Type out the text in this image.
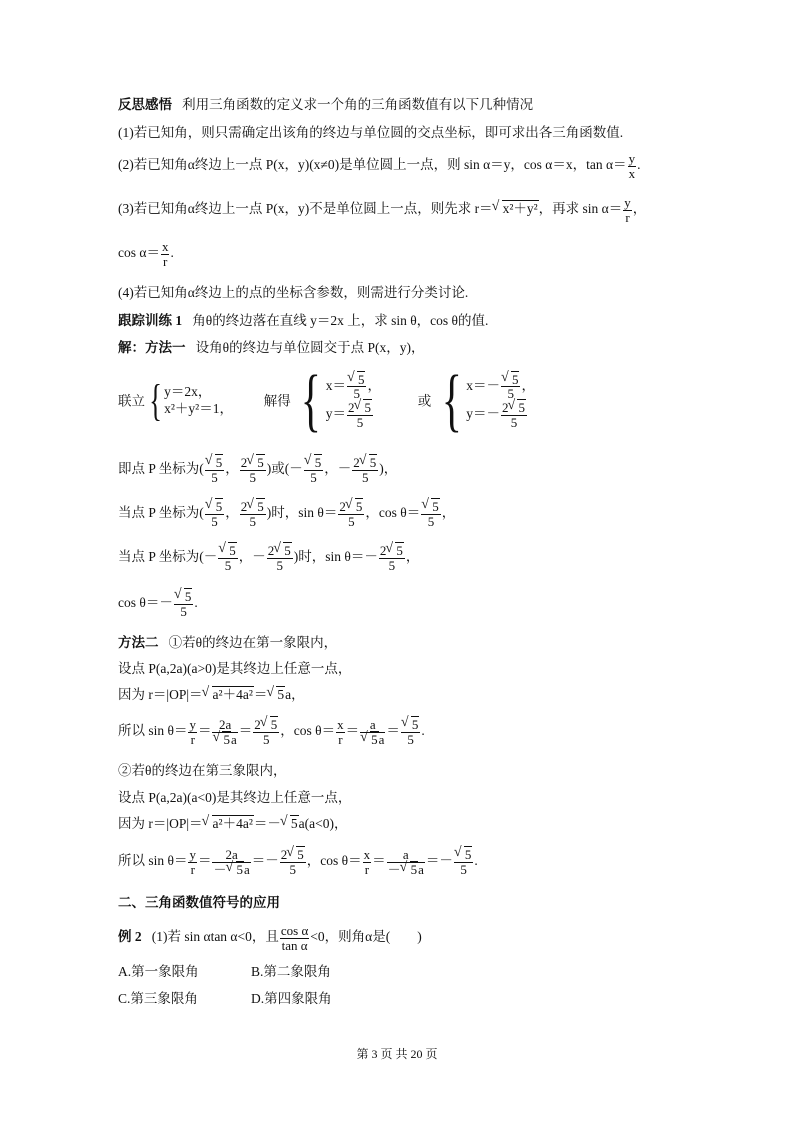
反思感悟 利用三角函数的定义求一个角的三角函数值有以下几种情况
(1)若已知角，则只需确定出该角的终边与单位圆的交点坐标，即可求出各三角函数值.
(2)若已知角α终边上一点 P(x，y)(x≠0)是单位圆上一点，则 sin α＝y，cos α＝x，$\tan \alpha= \frac{y}{x}$ .
(3)若已知角α终边上一点 P(x，y)不是单位圆上一点，则先求 r＝ √ x²＋y²，再求 $\sin \alpha= \frac{y}{r}$ ，
$\cos \alpha= \frac{x}{r}$ .
(4)若已知角α终边上的点的坐标含参数，则需进行分类讨论.
跟踪训练 1 角θ的终边落在直线 y＝2x 上，求 sin θ，cos θ的值.
解：方法一 设角θ的终边与单位圆交于点 P(x，y)，
联立{ y＝2x，
x²＋y²＝1，
解得 { x＝ √ $\frac{5}{5}$ ，
$y= \frac{2 √ 5}{5}$
或 { x＝－ √ $\frac{5}{5}$ ，
$y=- \frac{2 √ 5}{5}$
即点 P 坐标为( √ $\frac{5}{5}$ ， $\frac{2 √ 5}{5}$ )或(－ √ $\frac{5}{5}$ ，－ $\frac{2 √ 5}{5}$ )，
当点 P 坐标为( √ $\frac{5}{5}$ ， $\frac{2 √ 5}{5}$ )时，$\sin \theta= \frac{2 √ 5}{5}$ ，cos θ＝ √ $\frac{5}{5}$ ，
当点 P 坐标为(－ √ $\frac{5}{5}$ ，－ $\frac{2 √ 5}{5}$ )时，$\sin \theta=- \frac{2 √ 5}{5}$ ，
cos θ＝－ √ $\frac{5}{5}$ .
方法二 ①若θ的终边在第一象限内，
设点 P(a,2a)(a>0)是其终边上任意一点，
因为 r＝|OP|＝ √ a²＋4a²＝ √ 5a，
所以 $\sin \theta= \frac{y}{r} = 2a$
√ $5a = \frac{2 √ 5}{5}$ ，$\cos \theta= \frac{x}{r} = a$
√ 5a ＝ √ $\frac{5}{5}$ .
②若θ的终边在第三象限内，
设点 P(a,2a)(a<0)是其终边上任意一点，
因为 r＝|OP|＝ √ a²＋4a²＝－ √ 5a(a<0)，
所以 $\sin \theta= \frac{y}{r} = \frac{2a}{- √ 5a} =- \frac{2 √ 5}{5}$ ，$\cos \theta= \frac{x}{r} = \frac{a}{- √ 5a}$ ＝－ √ $\frac{5}{5}$ .
二、三角函数值符号的应用
例 2 (1)若 sin αtan α<0，且 $\frac{\text{cos α}}{\text{tan α}} <0$，则角α是(　　)
A.第一象限角	B.第二象限角
C.第三象限角	D.第四象限角
第 3 页 共 20 页
